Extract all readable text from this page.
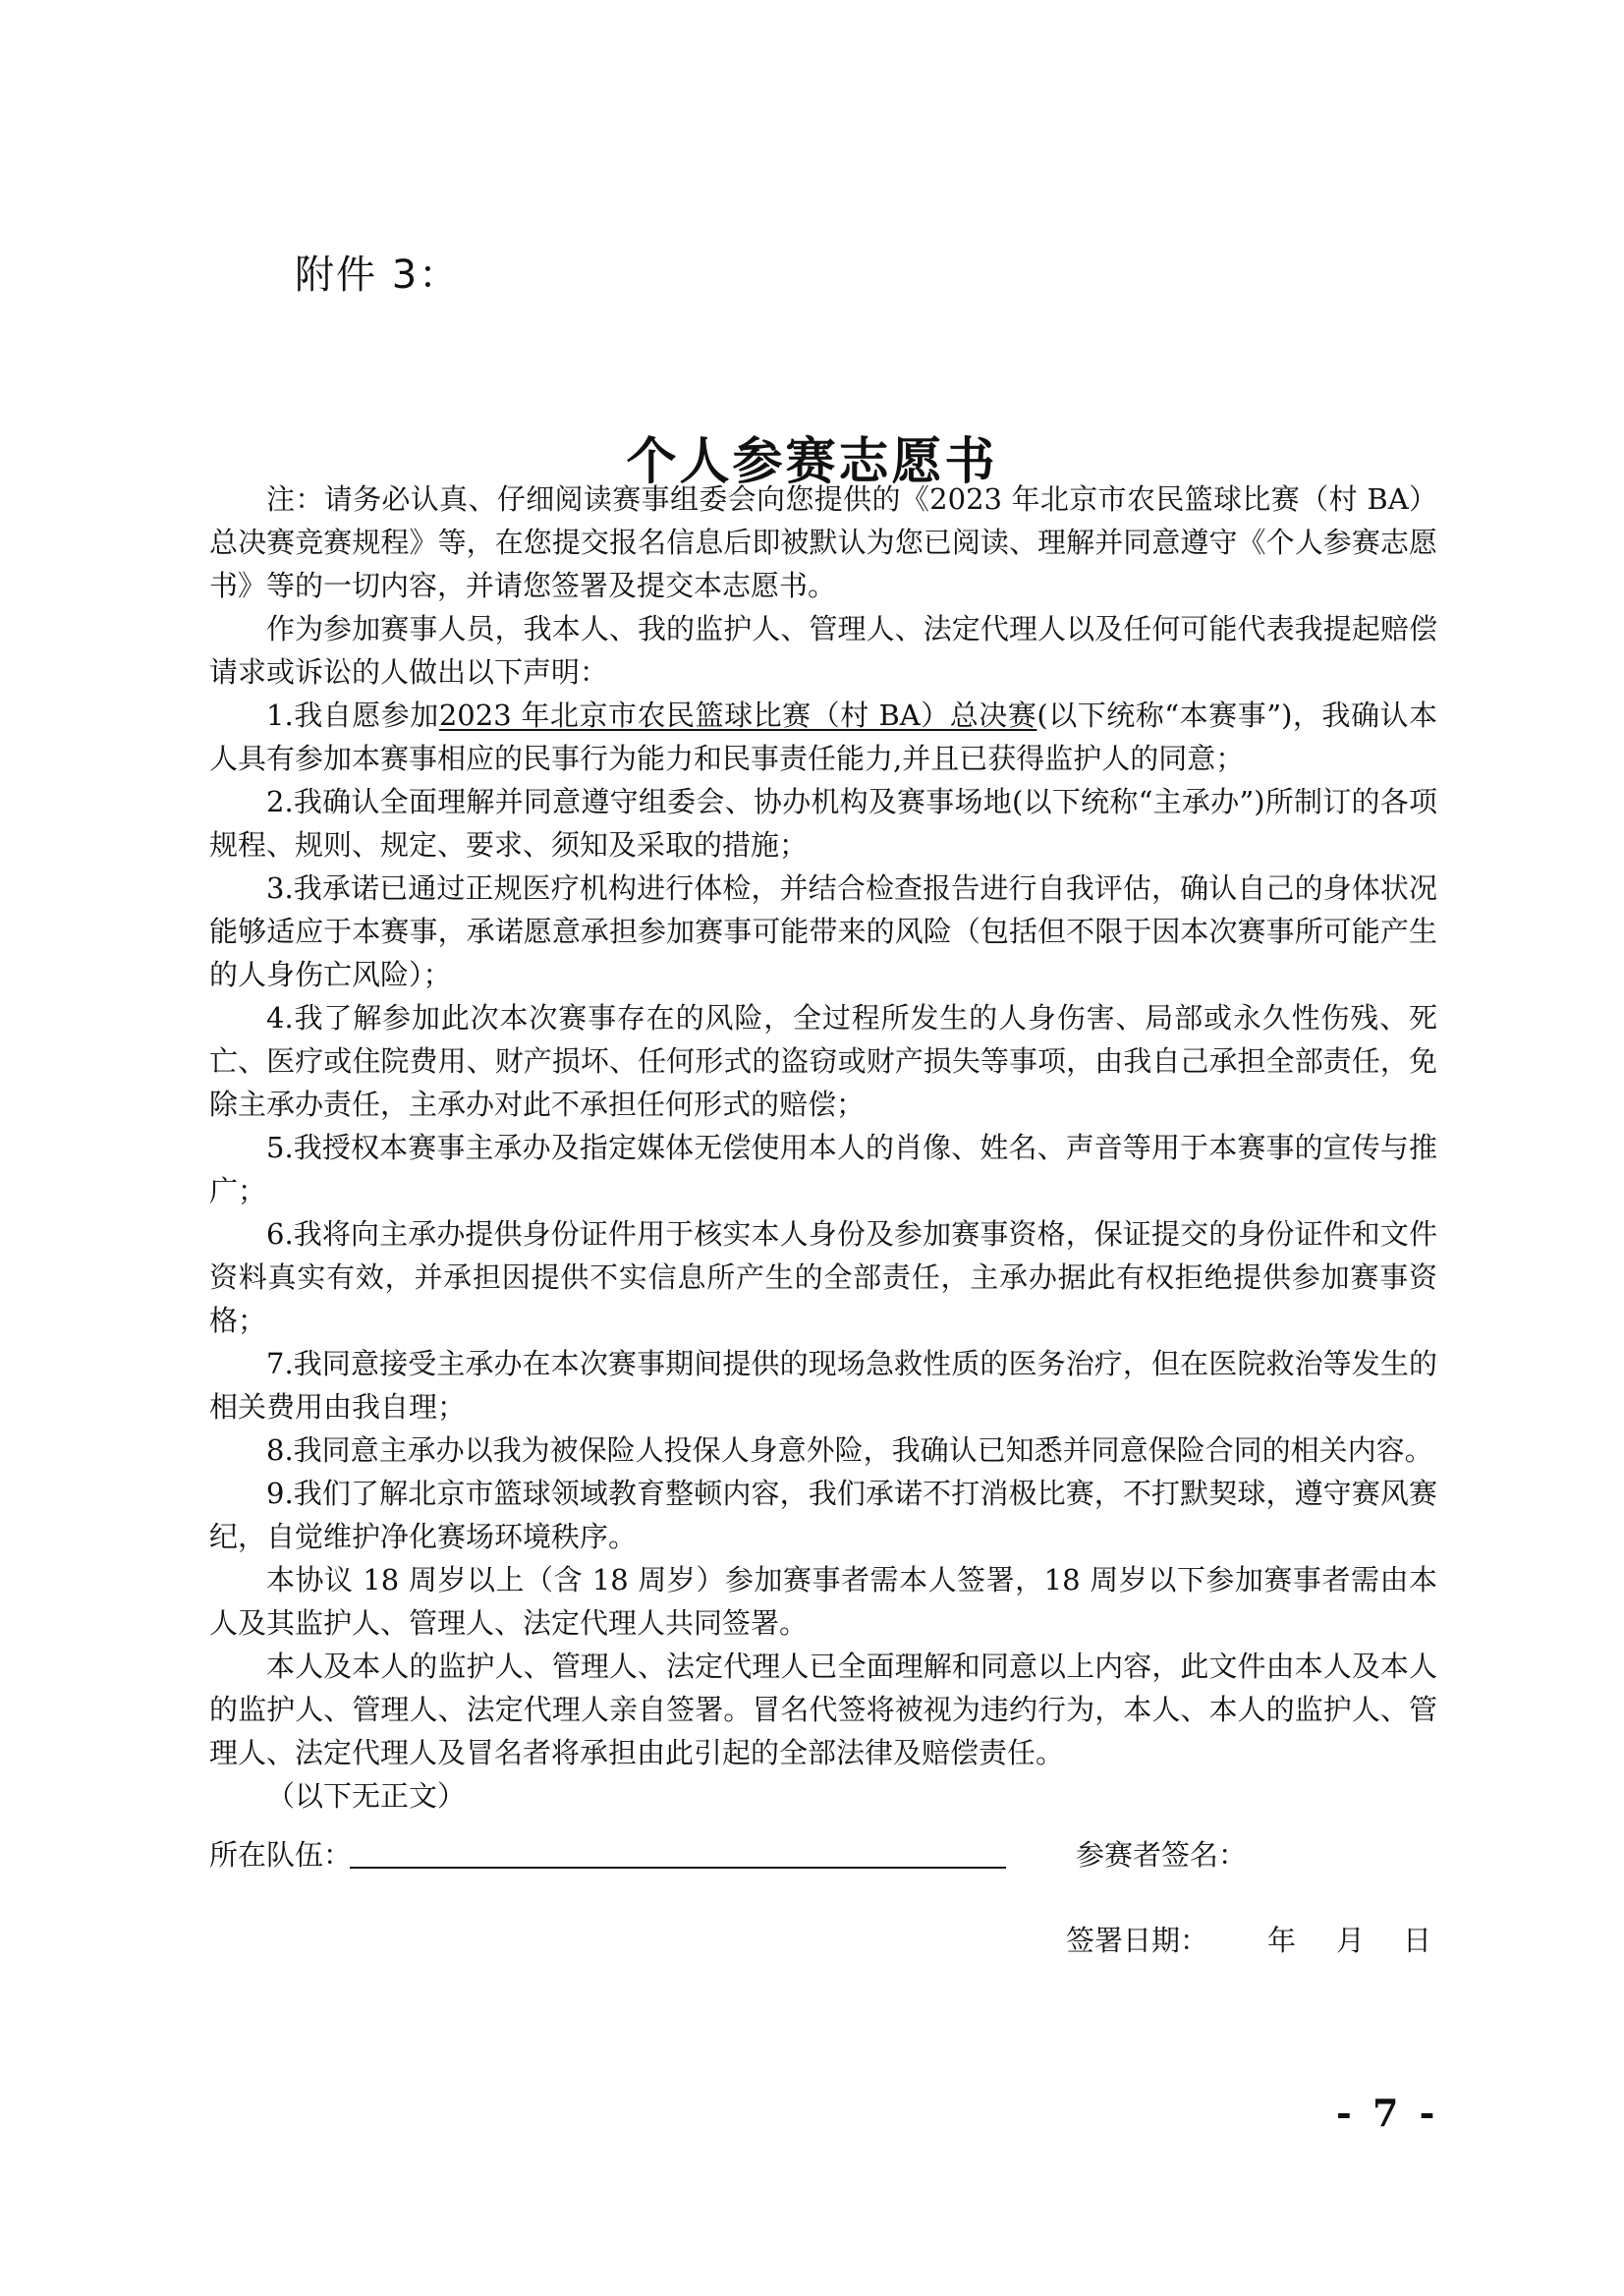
附件 3：
个人参赛志愿书

注：请务必认真、仔细阅读赛事组委会向您提供的《2023 年北京市农民篮球比赛（村 BA）总决赛竞赛规程》等，在您提交报名信息后即被默认为您已阅读、理解并同意遵守《个人参赛志愿书》等的一切内容，并请您签署及提交本志愿书。

作为参加赛事人员，我本人、我的监护人、管理人、法定代理人以及任何可能代表我提起赔偿请求或诉讼的人做出以下声明：

1.我自愿参加2023 年北京市农民篮球比赛（村 BA）总决赛(以下统称“本赛事”)，我确认本人具有参加本赛事相应的民事行为能力和民事责任能力,并且已获得监护人的同意；

2.我确认全面理解并同意遵守组委会、协办机构及赛事场地(以下统称“主承办”)所制订的各项规程、规则、规定、要求、须知及采取的措施；

3.我承诺已通过正规医疗机构进行体检，并结合检查报告进行自我评估，确认自己的身体状况能够适应于本赛事，承诺愿意承担参加赛事可能带来的风险（包括但不限于因本次赛事所可能产生的人身伤亡风险）；

4.我了解参加此次本次赛事存在的风险，全过程所发生的人身伤害、局部或永久性伤残、死亡、医疗或住院费用、财产损坏、任何形式的盗窃或财产损失等事项，由我自己承担全部责任，免除主承办责任，主承办对此不承担任何形式的赔偿；

5.我授权本赛事主承办及指定媒体无偿使用本人的肖像、姓名、声音等用于本赛事的宣传与推广；

6.我将向主承办提供身份证件用于核实本人身份及参加赛事资格，保证提交的身份证件和文件资料真实有效，并承担因提供不实信息所产生的全部责任，主承办据此有权拒绝提供参加赛事资格；

7.我同意接受主承办在本次赛事期间提供的现场急救性质的医务治疗，但在医院救治等发生的相关费用由我自理；

8.我同意主承办以我为被保险人投保人身意外险，我确认已知悉并同意保险合同的相关内容。

9.我们了解北京市篮球领域教育整顿内容，我们承诺不打消极比赛，不打默契球，遵守赛风赛纪，自觉维护净化赛场环境秩序。

本协议 18 周岁以上（含 18 周岁）参加赛事者需本人签署，18 周岁以下参加赛事者需由本人及其监护人、管理人、法定代理人共同签署。

本人及本人的监护人、管理人、法定代理人已全面理解和同意以上内容，此文件由本人及本人的监护人、管理人、法定代理人亲自签署。冒名代签将被视为违约行为，本人、本人的监护人、管理人、法定代理人及冒名者将承担由此引起的全部法律及赔偿责任。

（以下无正文）

所在队伍：	参赛者签名：
签署日期： 年 月 日
- 7 -
